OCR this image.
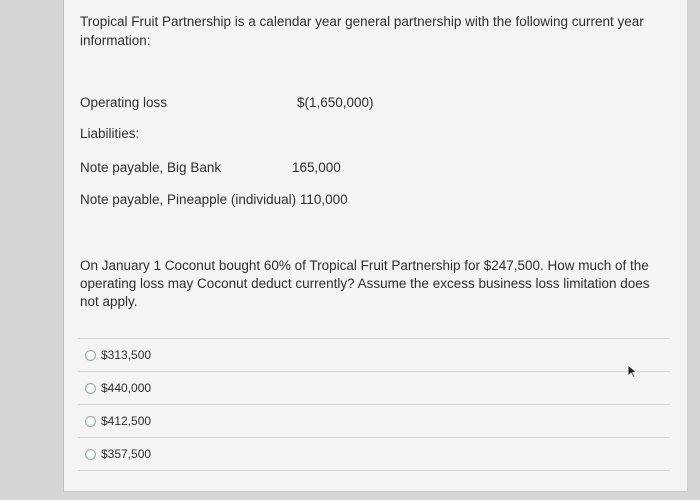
Tropical Fruit Partnership is a calendar year general partnership with the following current year information:
Operating loss	$(1,650,000)
Liabilities:
Note payable, Big Bank	165,000
Note payable, Pineapple (individual) 110,000
On January 1 Coconut bought 60% of Tropical Fruit Partnership for $247,500. How much of the operating loss may Coconut deduct currently? Assume the excess business loss limitation does not apply.
$313,500
$440,000
$412,500
$357,500
